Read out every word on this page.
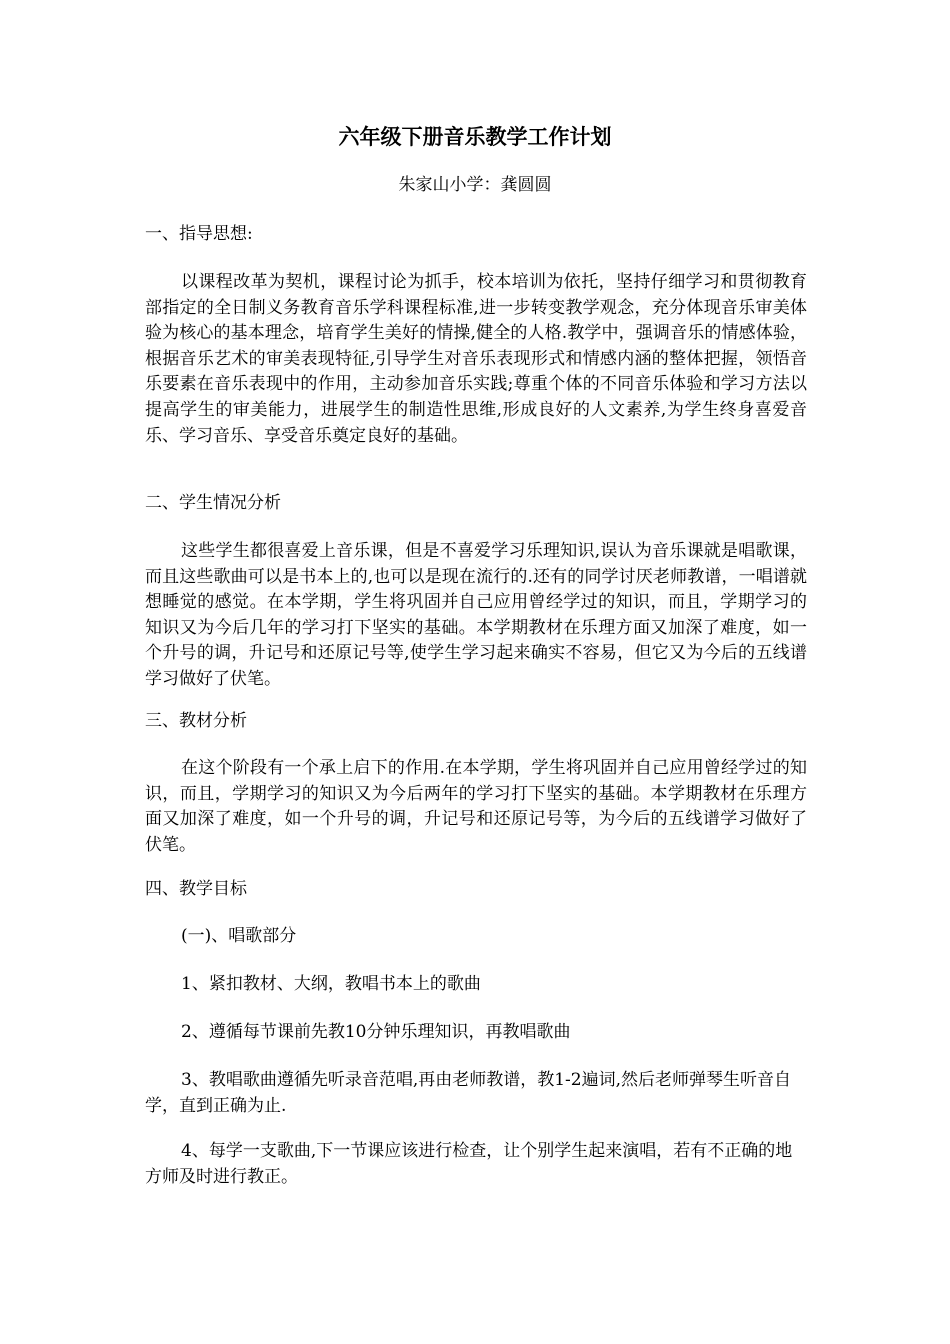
六年级下册音乐教学工作计划

朱家山小学：龚圆圆

一、指导思想:

以课程改革为契机，课程讨论为抓手，校本培训为依托，坚持仔细学习和贯彻教育部指定的全日制义务教育音乐学科课程标准,进一步转变教学观念，充分体现音乐审美体验为核心的基本理念，培育学生美好的情操,健全的人格.教学中，强调音乐的情感体验，根据音乐艺术的审美表现特征,引导学生对音乐表现形式和情感内涵的整体把握，领悟音乐要素在音乐表现中的作用，主动参加音乐实践;尊重个体的不同音乐体验和学习方法以提高学生的审美能力，进展学生的制造性思维,形成良好的人文素养,为学生终身喜爱音乐、学习音乐、享受音乐奠定良好的基础。

二、学生情况分析

这些学生都很喜爱上音乐课，但是不喜爱学习乐理知识,误认为音乐课就是唱歌课，而且这些歌曲可以是书本上的,也可以是现在流行的.还有的同学讨厌老师教谱，一唱谱就想睡觉的感觉。在本学期，学生将巩固并自己应用曾经学过的知识，而且，学期学习的知识又为今后几年的学习打下坚实的基础。本学期教材在乐理方面又加深了难度，如一个升号的调，升记号和还原记号等,使学生学习起来确实不容易，但它又为今后的五线谱学习做好了伏笔。

三、教材分析

在这个阶段有一个承上启下的作用.在本学期，学生将巩固并自己应用曾经学过的知识，而且，学期学习的知识又为今后两年的学习打下坚实的基础。本学期教材在乐理方面又加深了难度，如一个升号的调，升记号和还原记号等，为今后的五线谱学习做好了伏笔。

四、教学目标

(一)、唱歌部分

1、紧扣教材、大纲，教唱书本上的歌曲

2、遵循每节课前先教10分钟乐理知识，再教唱歌曲

3、教唱歌曲遵循先听录音范唱,再由老师教谱，教1-2遍词,然后老师弹琴生听音自学，直到正确为止.

4、每学一支歌曲,下一节课应该进行检查，让个别学生起来演唱，若有不正确的地方师及时进行教正。
